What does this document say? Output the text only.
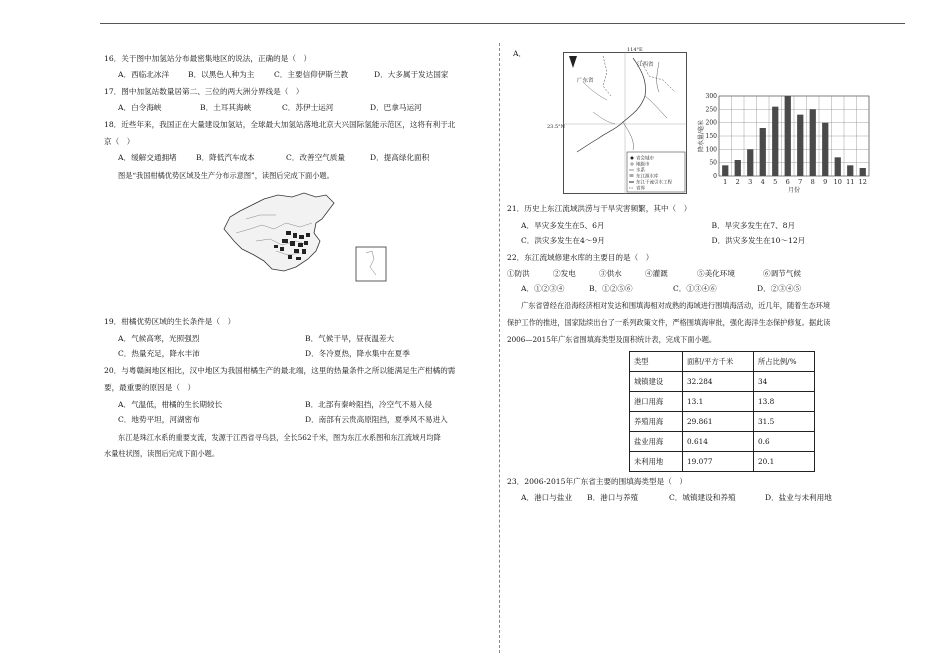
16．关于图中加氢站分布最密集地区的说法，正确的是（　）

A．西临北冰洋	B．以黑色人种为主	C．主要信仰伊斯兰教	D．大多属于发达国家

17．图中加氢站数量居第二、三位的两大洲分界线是（　）

A．白令海峡	B．土耳其海峡	C．苏伊士运河	D．巴拿马运河

18．近些年来，我国正在大量建设加氢站，全球最大加氢站落地北京大兴国际氢能示范区，这将有利于北

京（　）

A．缓解交通拥堵	B．降低汽车成本	C．改善空气质量	D．提高绿化面积

图是“我国柑橘优势区域及生产分布示意图”，读图后完成下面小题。

19．柑橘优势区域的生长条件是（　）

A．气候高寒，光照强烈	B．气候干旱，昼夜温差大
C．热量充足，降水丰沛	D．冬冷夏热，降水集中在夏季

20．与粤赣闽地区相比，汉中地区为我国柑橘生产的最北端，这里的热量条件之所以能满足生产柑橘的需

要，最重要的原因是（　）

A．气温低，柑橘的生长期较长	B．北部有秦岭阻挡，冷空气不易入侵
C．地势平坦，河湖密布	D．南部有云贵高原阻挡，夏季风不易进入

东江是珠江水系的重要支流，发源于江西省寻乌县，全长562千米，图为东江水系图和东江流域月均降

水量柱状图，读图后完成下面小题。

A．	114°E
广东省
江西省
23.5°N
省会城市
地级市
水系
东江源水库
东江干流引水工程
省界
0
50
100
150
200
250
300
1 2 3 4 5 6 7 8 9 10 11 12
月份
降水量/毫米

21．历史上东江流域洪涝与干旱灾害频繁，其中（　）

A．旱灾多发生在5、6月	B．旱灾多发生在7、8月
C．洪灾多发生在4～9月	D．洪灾多发生在10～12月

22．东江流域修建水库的主要目的是（　）

①防洪	②发电	③供水	④灌溉	⑤美化环境	⑥调节气候
A．①②③④	B．①②⑤⑥	C．①③④⑥	D．②③④⑤

广东省曾经在沿海经济相对发达和围填海相对成熟的海域进行围填海活动，近几年，随着生态环境

保护工作的推进，国家陆续出台了一系列政策文件，严格围填海审批，强化海洋生态保护修复。据此读

2006—2015年广东省围填海类型及面积统计表，完成下面小题。

类型	面积/平方千米	所占比例/%
城镇建设	32.284	34
港口用海	13.1	13.8
养殖用海	29.861	31.5
盐业用海	0.614	0.6
未利用地	19.077	20.1

23．2006-2015年广东省主要的围填海类型是（　）

A．港口与盐业	B．港口与养殖	C．城镇建设和养殖	D．盐业与未利用地
